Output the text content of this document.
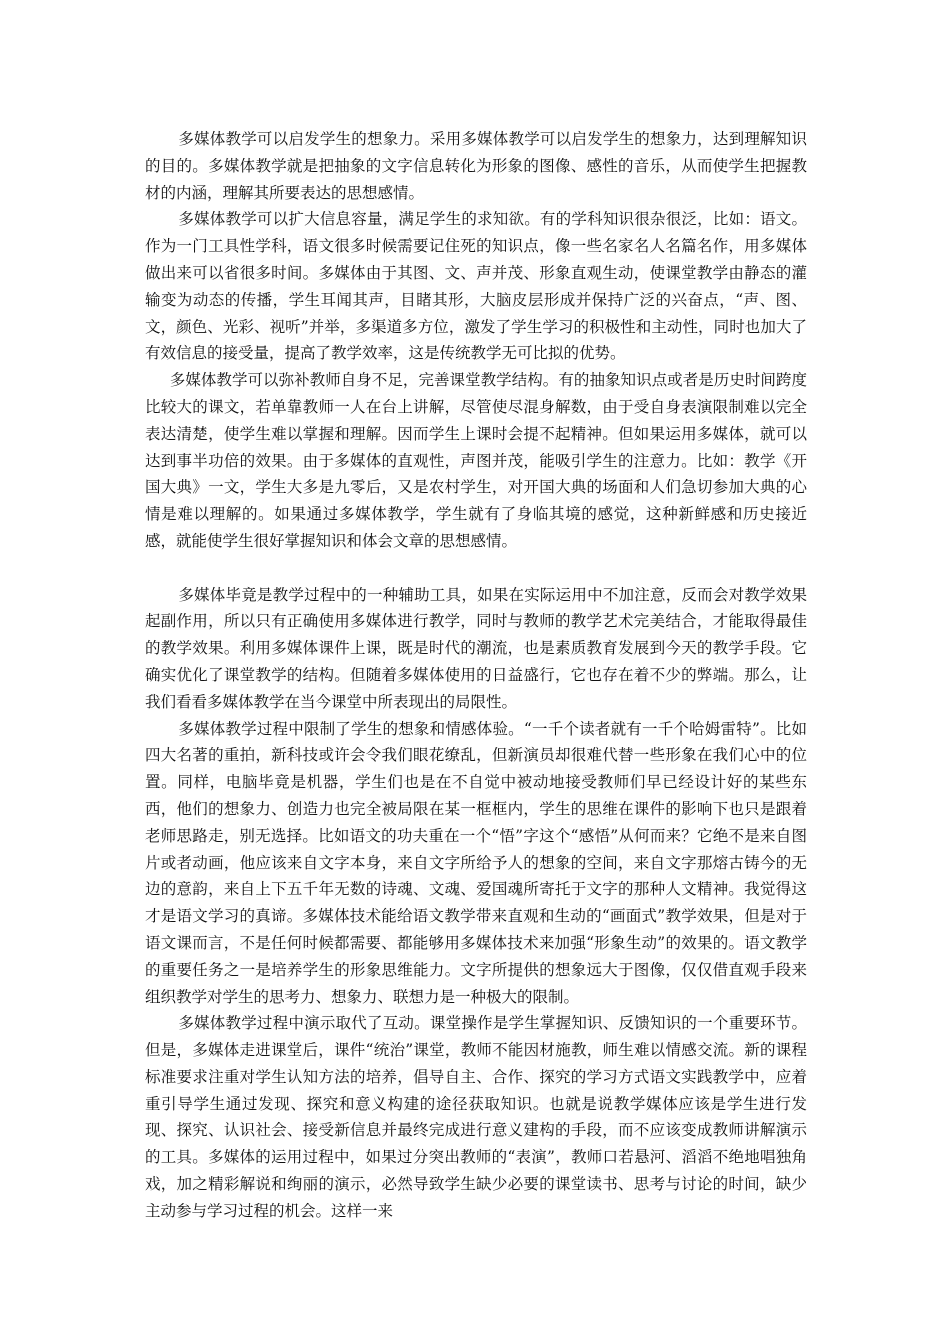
多媒体教学可以启发学生的想象力。采用多媒体教学可以启发学生的想象力，达到理解知识的目的。多媒体教学就是把抽象的文字信息转化为形象的图像、感性的音乐，从而使学生把握教材的内涵，理解其所要表达的思想感情。

多媒体教学可以扩大信息容量，满足学生的求知欲。有的学科知识很杂很泛，比如：语文。作为一门工具性学科，语文很多时候需要记住死的知识点，像一些名家名人名篇名作，用多媒体做出来可以省很多时间。多媒体由于其图、文、声并茂、形象直观生动，使课堂教学由静态的灌输变为动态的传播，学生耳闻其声，目睹其形，大脑皮层形成并保持广泛的兴奋点，“声、图、文，颜色、光彩、视听”并举，多渠道多方位，激发了学生学习的积极性和主动性，同时也加大了有效信息的接受量，提高了教学效率，这是传统教学无可比拟的优势。

多媒体教学可以弥补教师自身不足，完善课堂教学结构。有的抽象知识点或者是历史时间跨度比较大的课文，若单靠教师一人在台上讲解，尽管使尽混身解数，由于受自身表演限制难以完全表达清楚，使学生难以掌握和理解。因而学生上课时会提不起精神。但如果运用多媒体，就可以达到事半功倍的效果。由于多媒体的直观性，声图并茂，能吸引学生的注意力。比如：教学《开国大典》一文，学生大多是九零后，又是农村学生，对开国大典的场面和人们急切参加大典的心情是难以理解的。如果通过多媒体教学，学生就有了身临其境的感觉，这种新鲜感和历史接近感，就能使学生很好掌握知识和体会文章的思想感情。

多媒体毕竟是教学过程中的一种辅助工具，如果在实际运用中不加注意，反而会对教学效果起副作用，所以只有正确使用多媒体进行教学，同时与教师的教学艺术完美结合，才能取得最佳的教学效果。利用多媒体课件上课，既是时代的潮流，也是素质教育发展到今天的教学手段。它确实优化了课堂教学的结构。但随着多媒体使用的日益盛行，它也存在着不少的弊端。那么，让我们看看多媒体教学在当今课堂中所表现出的局限性。

多媒体教学过程中限制了学生的想象和情感体验。“一千个读者就有一千个哈姆雷特”。比如四大名著的重拍，新科技或许会令我们眼花缭乱，但新演员却很难代替一些形象在我们心中的位置。同样，电脑毕竟是机器，学生们也是在不自觉中被动地接受教师们早已经设计好的某些东西，他们的想象力、创造力也完全被局限在某一框框内，学生的思维在课件的影响下也只是跟着老师思路走，别无选择。比如语文的功夫重在一个“悟”字这个“感悟”从何而来？它绝不是来自图片或者动画，他应该来自文字本身，来自文字所给予人的想象的空间，来自文字那熔古铸今的无边的意韵，来自上下五千年无数的诗魂、文魂、爱国魂所寄托于文字的那种人文精神。我觉得这才是语文学习的真谛。多媒体技术能给语文教学带来直观和生动的“画面式”教学效果，但是对于语文课而言，不是任何时候都需要、都能够用多媒体技术来加强“形象生动”的效果的。语文教学的重要任务之一是培养学生的形象思维能力。文字所提供的想象远大于图像，仅仅借直观手段来组织教学对学生的思考力、想象力、联想力是一种极大的限制。

多媒体教学过程中演示取代了互动。课堂操作是学生掌握知识、反馈知识的一个重要环节。但是，多媒体走进课堂后，课件“统治”课堂，教师不能因材施教，师生难以情感交流。新的课程标准要求注重对学生认知方法的培养，倡导自主、合作、探究的学习方式语文实践教学中，应着重引导学生通过发现、探究和意义构建的途径获取知识。也就是说教学媒体应该是学生进行发现、探究、认识社会、接受新信息并最终完成进行意义建构的手段，而不应该变成教师讲解演示的工具。多媒体的运用过程中，如果过分突出教师的“表演”，教师口若悬河、滔滔不绝地唱独角戏，加之精彩解说和绚丽的演示，必然导致学生缺少必要的课堂读书、思考与讨论的时间，缺少主动参与学习过程的机会。这样一来
